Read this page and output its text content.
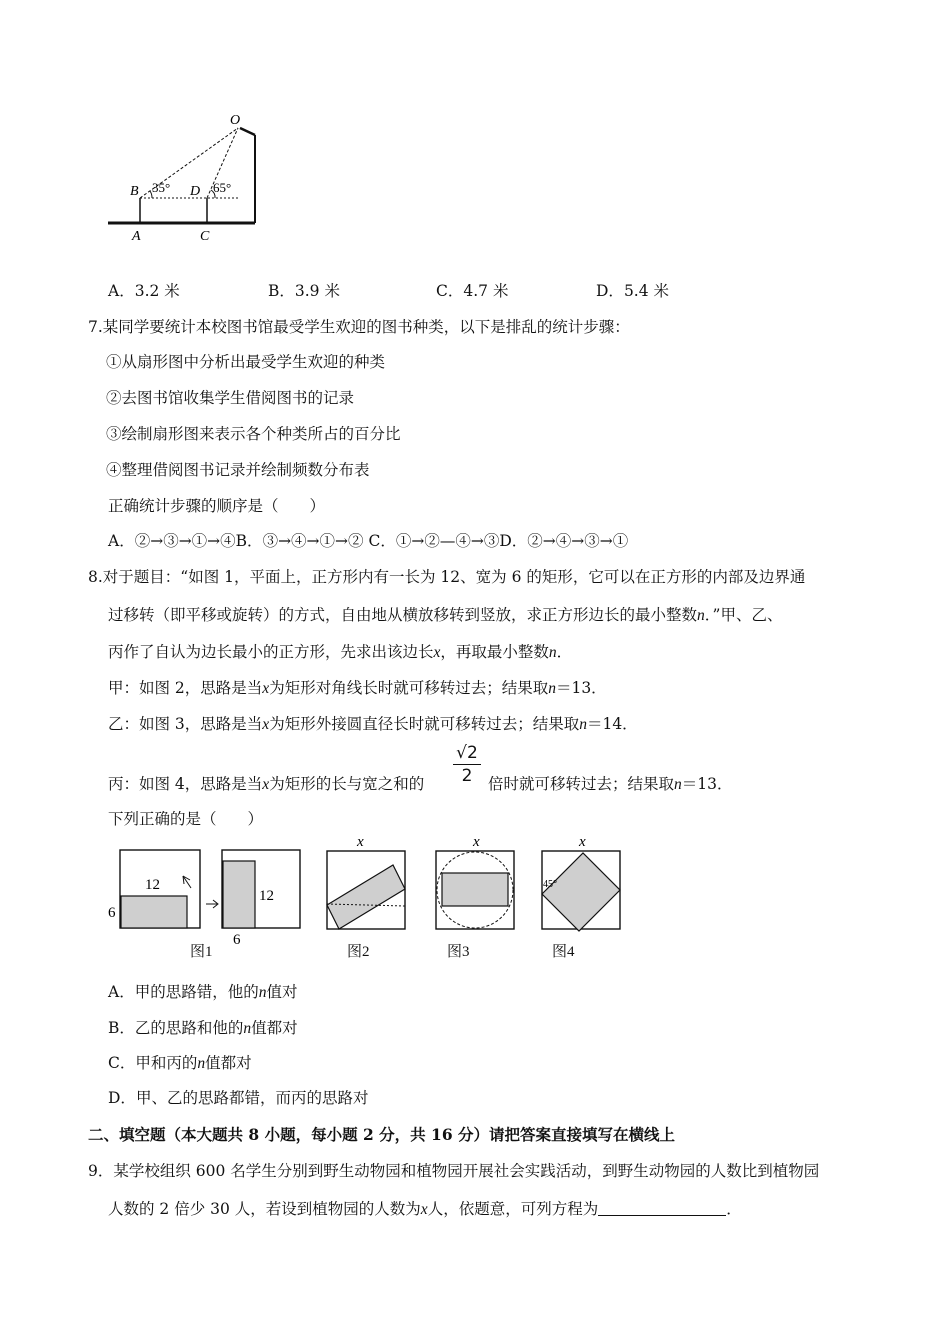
O
B 35° D 65°
A	C
A．3.2 米	B．3.9 米	C．4.7 米	D．5.4 米
7.某同学要统计本校图书馆最受学生欢迎的图书种类，以下是排乱的统计步骤：
①从扇形图中分析出最受学生欢迎的种类
②去图书馆收集学生借阅图书的记录
③绘制扇形图来表示各个种类所占的百分比
④整理借阅图书记录并绘制频数分布表
正确统计步骤的顺序是（　　）
A．②→③→①→④B．③→④→①→② C．①→②—④→③D．②→④→③→①
8.对于题目：“如图 1，平面上，正方形内有一长为 12、宽为 6 的矩形，它可以在正方形的内部及边界通
过移转（即平移或旋转）的方式，自由地从横放移转到竖放，求正方形边长的最小整数n．”甲、乙、
丙作了自认为边长最小的正方形，先求出该边长x，再取最小整数n．
甲：如图 2，思路是当x为矩形对角线长时就可移转过去；结果取n＝13．
乙：如图 3，思路是当x为矩形外接圆直径长时就可移转过去；结果取n＝14．
丙：如图 4，思路是当x为矩形的长与宽之和的
√2
2	倍时就可移转过去；结果取n＝13．
下列正确的是（　　）
12
6
12
6
x	x	x
45°
图1	图2	图3	图4
A．甲的思路错，他的n值对
B．乙的思路和他的n值都对
C．甲和丙的n值都对
D．甲、乙的思路都错，而丙的思路对
二、填空题（本大题共 8 小题，每小题 2 分，共 16 分）请把答案直接填写在横线上
9．某学校组织 600 名学生分别到野生动物园和植物园开展社会实践活动，到野生动物园的人数比到植物园
人数的 2 倍少 30 人，若设到植物园的人数为x人，依题意，可列方程为	．
